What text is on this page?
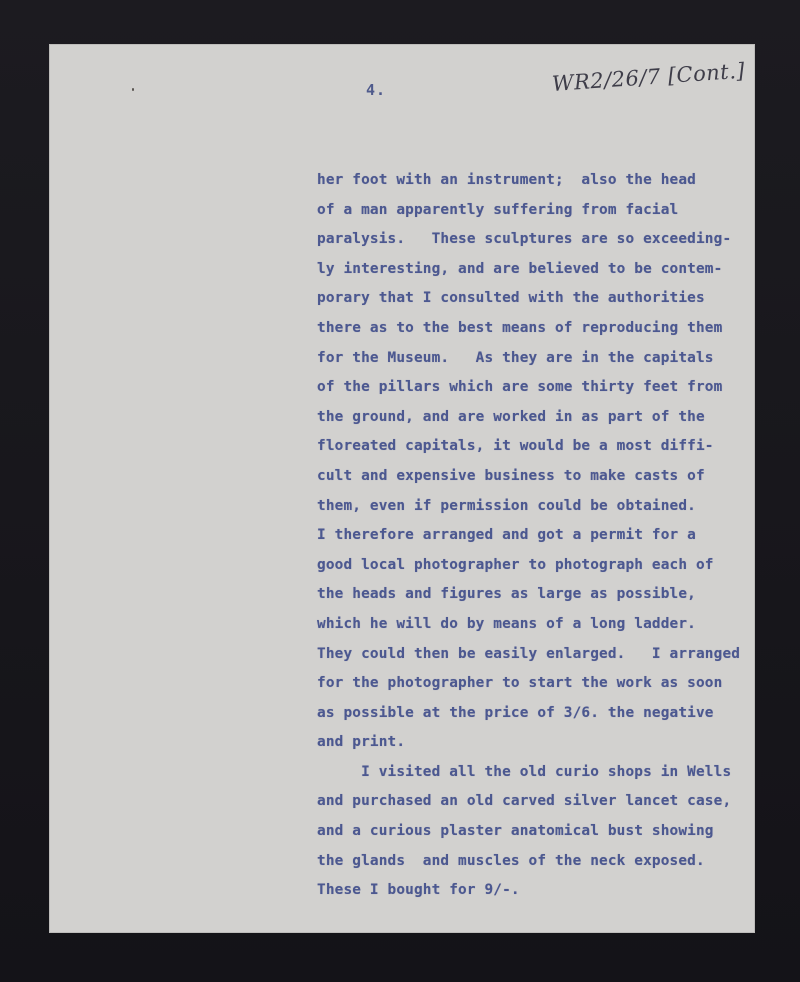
4.	WR2/26/7 [Cont.]
her foot with an instrument;  also the head
of a man apparently suffering from facial
paralysis.   These sculptures are so exceeding-
ly interesting, and are believed to be contem-
porary that I consulted with the authorities
there as to the best means of reproducing them
for the Museum.   As they are in the capitals
of the pillars which are some thirty feet from
the ground, and are worked in as part of the
floreated capitals, it would be a most diffi-
cult and expensive business to make casts of
them, even if permission could be obtained.
I therefore arranged and got a permit for a
good local photographer to photograph each of
the heads and figures as large as possible,
which he will do by means of a long ladder.
They could then be easily enlarged.   I arranged
for the photographer to start the work as soon
as possible at the price of 3/6. the negative
and print.
I visited all the old curio shops in Wells
and purchased an old carved silver lancet case,
and a curious plaster anatomical bust showing
the glands  and muscles of the neck exposed.
These I bought for 9/-.
